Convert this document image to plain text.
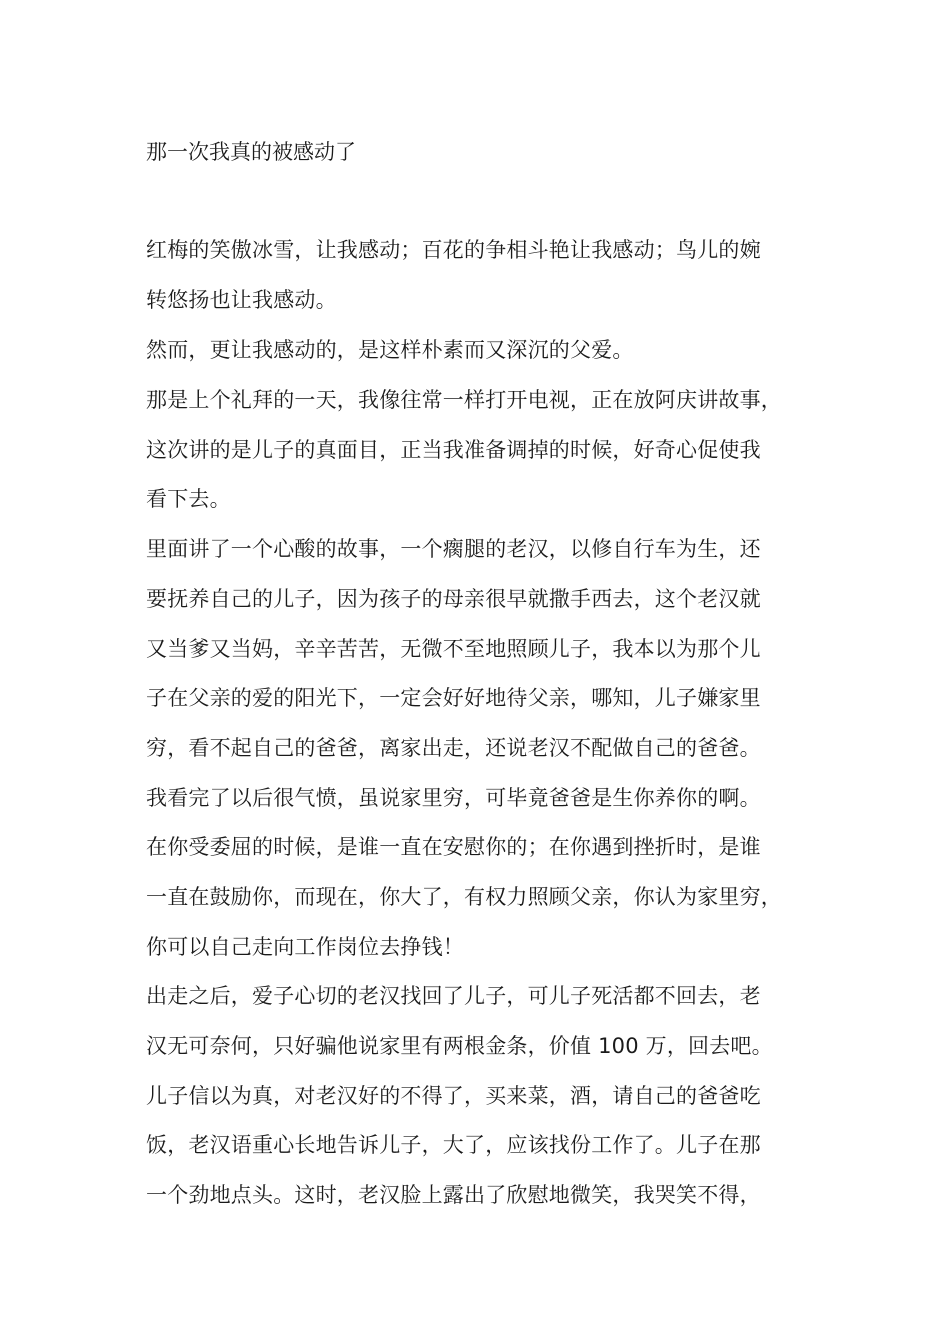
那一次我真的被感动了
红梅的笑傲冰雪，让我感动；百花的争相斗艳让我感动；鸟儿的婉
转悠扬也让我感动。
然而，更让我感动的，是这样朴素而又深沉的父爱。
那是上个礼拜的一天，我像往常一样打开电视，正在放阿庆讲故事，
这次讲的是儿子的真面目，正当我准备调掉的时候，好奇心促使我
看下去。
里面讲了一个心酸的故事，一个瘸腿的老汉，以修自行车为生，还
要抚养自己的儿子，因为孩子的母亲很早就撒手西去，这个老汉就
又当爹又当妈，辛辛苦苦，无微不至地照顾儿子，我本以为那个儿
子在父亲的爱的阳光下，一定会好好地待父亲，哪知，儿子嫌家里
穷，看不起自己的爸爸，离家出走，还说老汉不配做自己的爸爸。
我看完了以后很气愤，虽说家里穷，可毕竟爸爸是生你养你的啊。
在你受委屈的时候，是谁一直在安慰你的；在你遇到挫折时，是谁
一直在鼓励你，而现在，你大了，有权力照顾父亲，你认为家里穷，
你可以自己走向工作岗位去挣钱！
出走之后，爱子心切的老汉找回了儿子，可儿子死活都不回去，老
汉无可奈何，只好骗他说家里有两根金条，价值 100 万，回去吧。
儿子信以为真，对老汉好的不得了，买来菜，酒，请自己的爸爸吃
饭，老汉语重心长地告诉儿子，大了，应该找份工作了。儿子在那
一个劲地点头。这时，老汉脸上露出了欣慰地微笑，我哭笑不得，
